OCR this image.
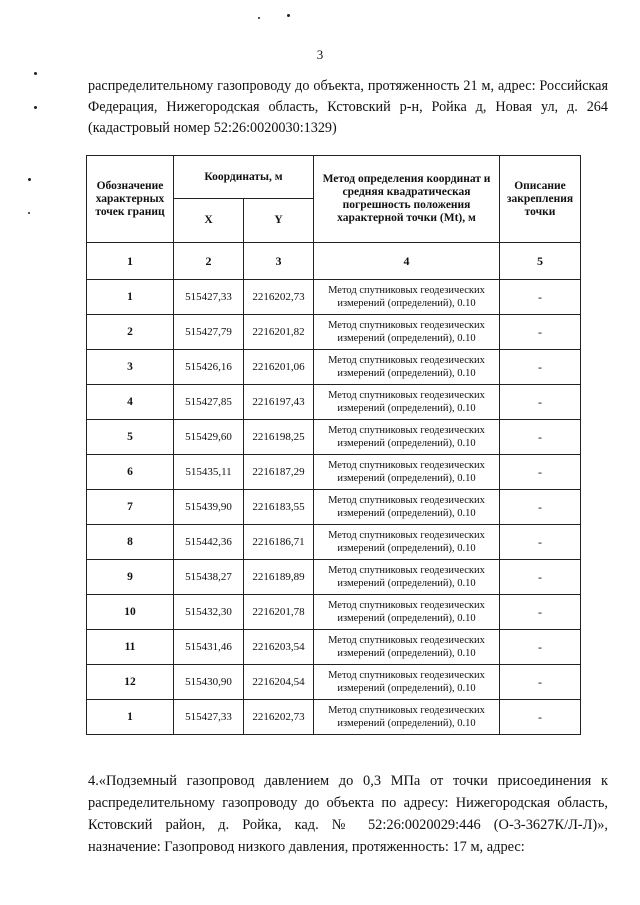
3
распределительному газопроводу до объекта, протяженность 21 м, адрес: Российская Федерация, Нижегородская область, Кстовский р-н, Ройка д, Новая ул, д. 264 (кадастровый номер 52:26:0020030:1329)
Обозначение характерных точек границ	Координаты, м		Метод определения координат и средняя квадратическая погрешность положения характерной точки (Mt), м	Описание закрепления точки
	X	Y		
1	2	3	4	5
1	515427,33	2216202,73	Метод спутниковых геодезических измерений (определений), 0.10	-
2	515427,79	2216201,82	Метод спутниковых геодезических измерений (определений), 0.10	-
3	515426,16	2216201,06	Метод спутниковых геодезических измерений (определений), 0.10	-
4	515427,85	2216197,43	Метод спутниковых геодезических измерений (определений), 0.10	-
5	515429,60	2216198,25	Метод спутниковых геодезических измерений (определений), 0.10	-
6	515435,11	2216187,29	Метод спутниковых геодезических измерений (определений), 0.10	-
7	515439,90	2216183,55	Метод спутниковых геодезических измерений (определений), 0.10	-
8	515442,36	2216186,71	Метод спутниковых геодезических измерений (определений), 0.10	-
9	515438,27	2216189,89	Метод спутниковых геодезических измерений (определений), 0.10	-
10	515432,30	2216201,78	Метод спутниковых геодезических измерений (определений), 0.10	-
11	515431,46	2216203,54	Метод спутниковых геодезических измерений (определений), 0.10	-
12	515430,90	2216204,54	Метод спутниковых геодезических измерений (определений), 0.10	-
1	515427,33	2216202,73	Метод спутниковых геодезических измерений (определений), 0.10	-
4.«Подземный газопровод давлением до 0,3 МПа от точки присоединения к распределительному газопроводу до объекта по адресу: Нижегородская область, Кстовский район, д. Ройка, кад. № 52:26:0020029:446 (О-3-3627К/Л-Л)», назначение: Газопровод низкого давления, протяженность: 17 м, адрес:
